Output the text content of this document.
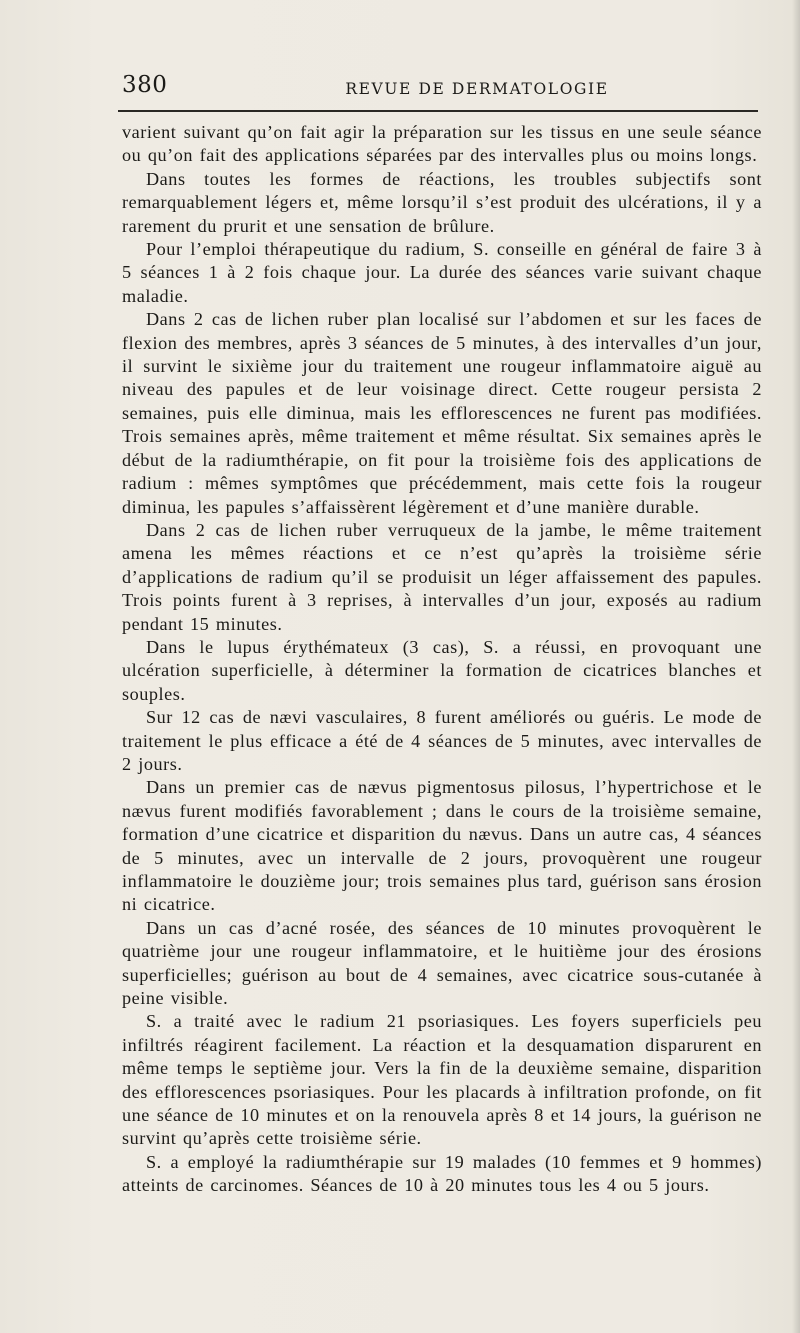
380	REVUE DE DERMATOLOGIE

varient suivant qu’on fait agir la préparation sur les tissus en une seule séance ou qu’on fait des applications séparées par des intervalles plus ou moins longs.

Dans toutes les formes de réactions, les troubles subjectifs sont remarquablement légers et, même lorsqu’il s’est produit des ulcérations, il y a rarement du prurit et une sensation de brûlure.

Pour l’emploi thérapeutique du radium, S. conseille en général de faire 3 à 5 séances 1 à 2 fois chaque jour. La durée des séances varie suivant chaque maladie.

Dans 2 cas de lichen ruber plan localisé sur l’abdomen et sur les faces de flexion des membres, après 3 séances de 5 minutes, à des intervalles d’un jour, il survint le sixième jour du traitement une rougeur inflammatoire aiguë au niveau des papules et de leur voisinage direct. Cette rougeur persista 2 semaines, puis elle diminua, mais les efflorescences ne furent pas modifiées. Trois semaines après, même traitement et même résultat. Six semaines après le début de la radiumthérapie, on fit pour la troisième fois des applications de radium : mêmes symptômes que précédemment, mais cette fois la rougeur diminua, les papules s’affaissèrent légèrement et d’une manière durable.

Dans 2 cas de lichen ruber verruqueux de la jambe, le même traitement amena les mêmes réactions et ce n’est qu’après la troisième série d’applications de radium qu’il se produisit un léger affaissement des papules. Trois points furent à 3 reprises, à intervalles d’un jour, exposés au radium pendant 15 minutes.

Dans le lupus érythémateux (3 cas), S. a réussi, en provoquant une ulcération superficielle, à déterminer la formation de cicatrices blanches et souples.

Sur 12 cas de nævi vasculaires, 8 furent améliorés ou guéris. Le mode de traitement le plus efficace a été de 4 séances de 5 minutes, avec intervalles de 2 jours.

Dans un premier cas de nævus pigmentosus pilosus, l’hypertrichose et le nævus furent modifiés favorablement ; dans le cours de la troisième semaine, formation d’une cicatrice et disparition du nævus. Dans un autre cas, 4 séances de 5 minutes, avec un intervalle de 2 jours, provoquèrent une rougeur inflammatoire le douzième jour; trois semaines plus tard, guérison sans érosion ni cicatrice.

Dans un cas d’acné rosée, des séances de 10 minutes provoquèrent le quatrième jour une rougeur inflammatoire, et le huitième jour des érosions superficielles; guérison au bout de 4 semaines, avec cicatrice sous-cutanée à peine visible.

S. a traité avec le radium 21 psoriasiques. Les foyers superficiels peu infiltrés réagirent facilement. La réaction et la desquamation disparurent en même temps le septième jour. Vers la fin de la deuxième semaine, disparition des efflorescences psoriasiques. Pour les placards à infiltration profonde, on fit une séance de 10 minutes et on la renouvela après 8 et 14 jours, la guérison ne survint qu’après cette troisième série.

S. a employé la radiumthérapie sur 19 malades (10 femmes et 9 hommes) atteints de carcinomes. Séances de 10 à 20 minutes tous les 4 ou 5 jours.
